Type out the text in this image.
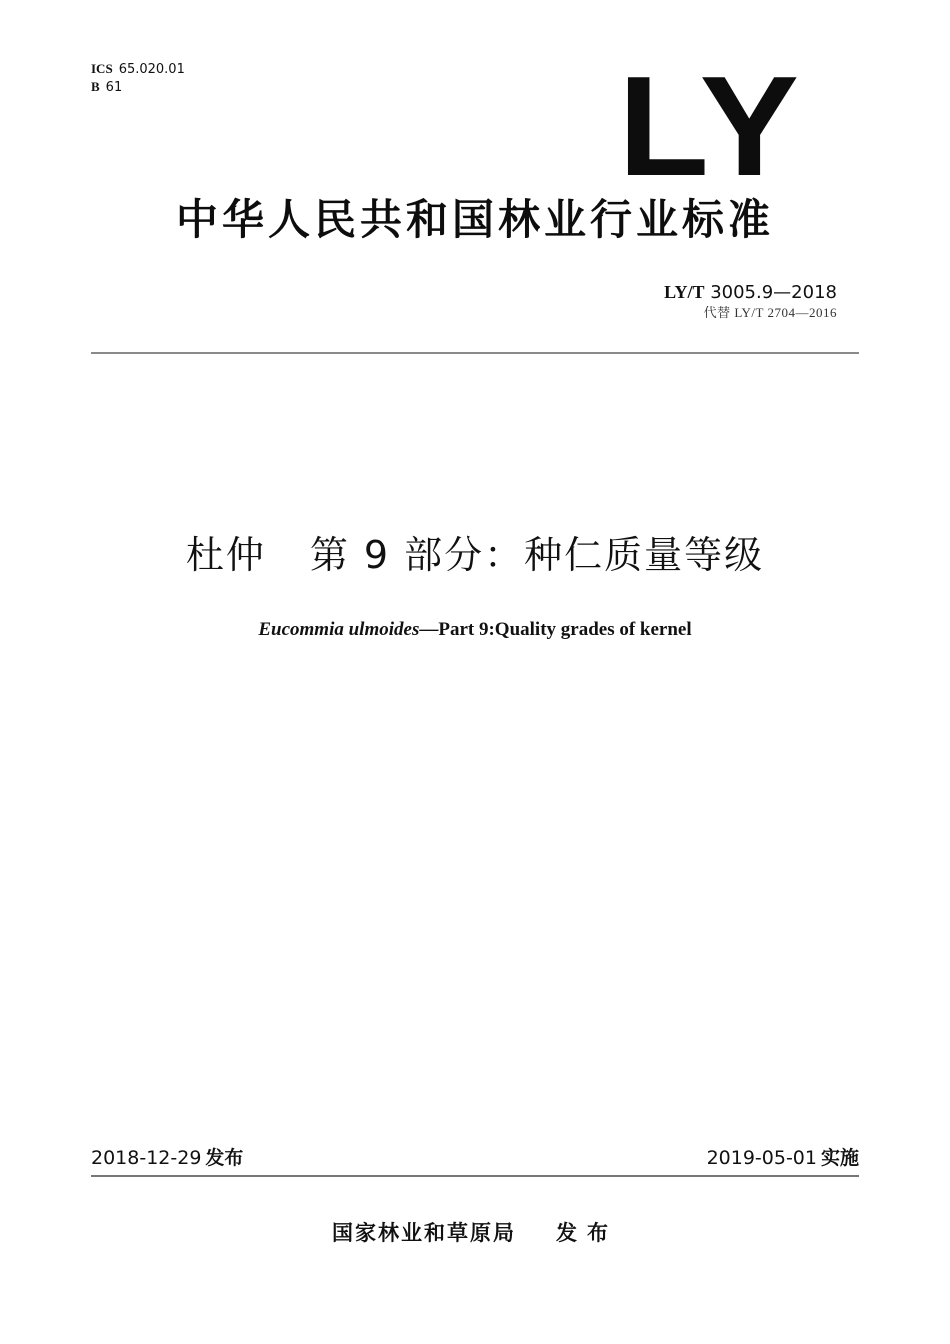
ICS 65.020.01
B 61	LY
中华人民共和国林业行业标准
LY/T 3005.9—2018
代替 LY/T 2704—2016
杜仲 第 9 部分：种仁质量等级
Eucommia ulmoides—Part 9:Quality grades of kernel
2018-12-29 发布	2019-05-01 实施
国家林业和草原局 发布
